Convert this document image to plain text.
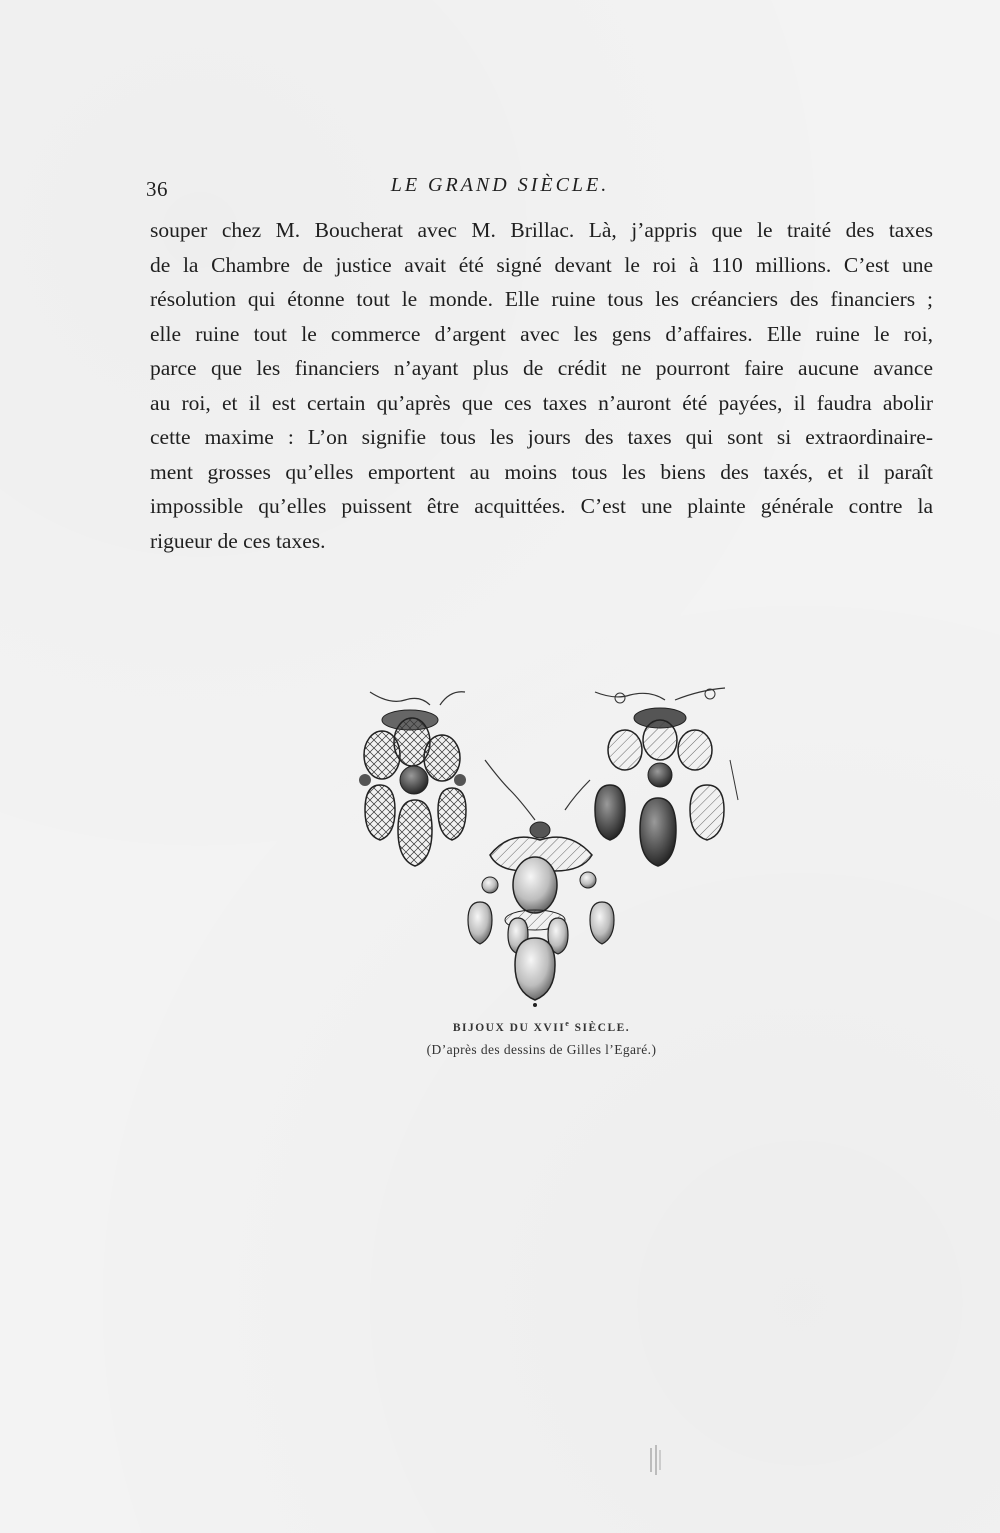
36	LE GRAND SIÈCLE.
souper chez M. Boucherat avec M. Brillac. Là, j’appris que le traité des taxes
de la Chambre de justice avait été signé devant le roi à 110 millions. C’est une
résolution qui étonne tout le monde. Elle ruine tous les créanciers des financiers ;
elle ruine tout le commerce d’argent avec les gens d’affaires. Elle ruine le roi,
parce que les financiers n’ayant plus de crédit ne pourront faire aucune avance
au roi, et il est certain qu’après que ces taxes n’auront été payées, il faudra abolir
cette maxime : L’on signifie tous les jours des taxes qui sont si extraordinaire-
ment grosses qu’elles emportent au moins tous les biens des taxés, et il paraît
impossible qu’elles puissent être acquittées. C’est une plainte générale contre la
rigueur de ces taxes.
BIJOUX DU XVIIe SIÈCLE.
(D’après des dessins de Gilles l’Egaré.)
